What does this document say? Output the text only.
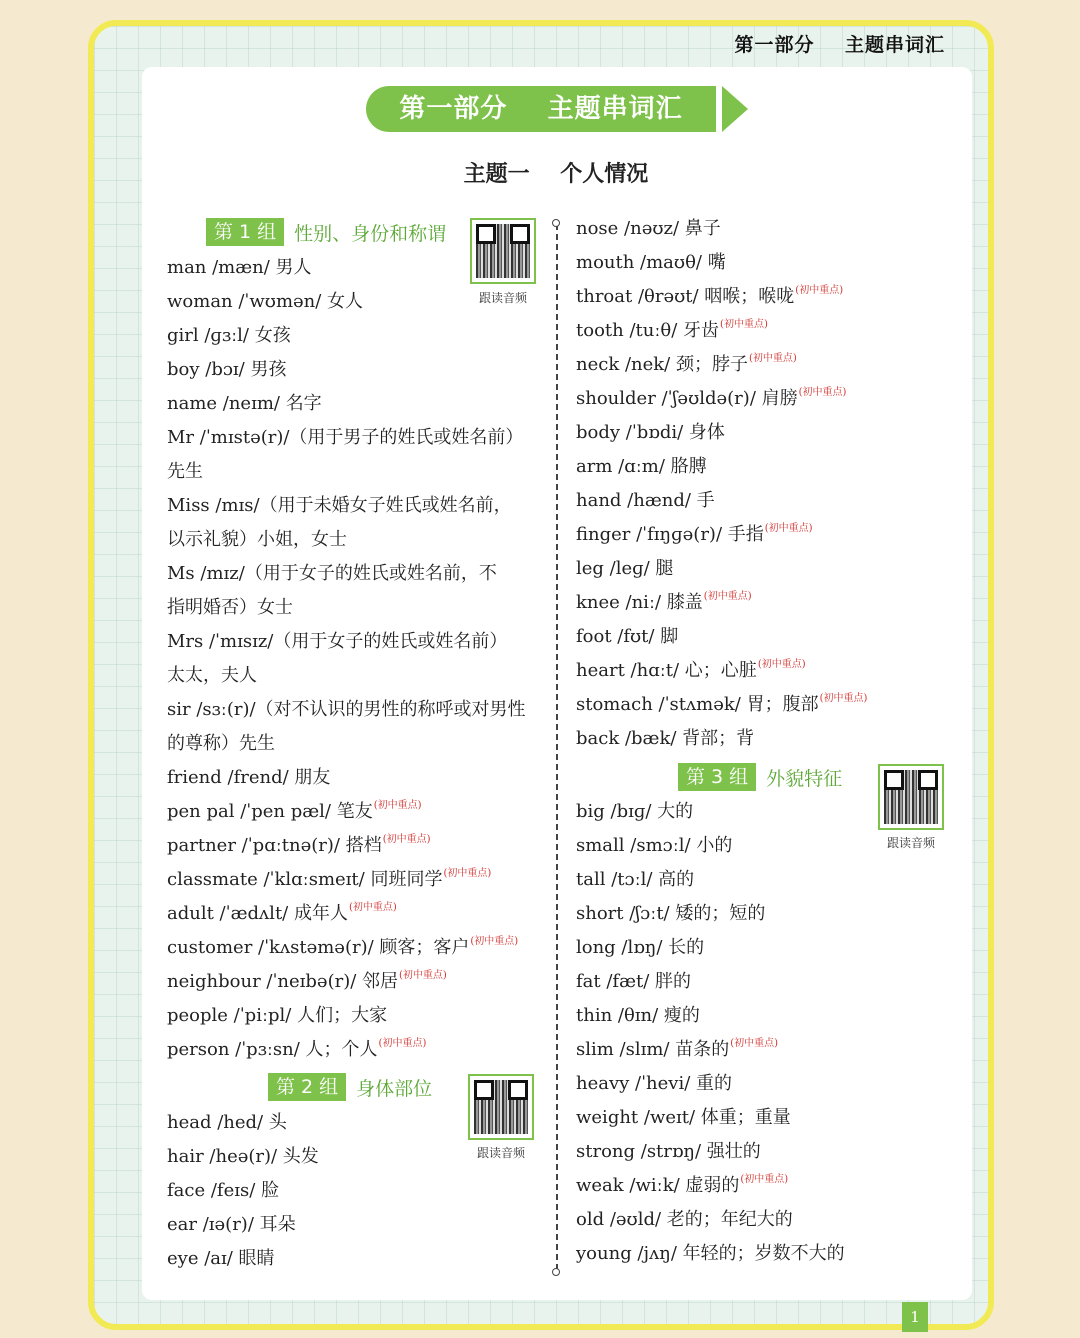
第一部分    主题串词汇
第一部分    主题串词汇
主题一    个人情况
第 1 组 性别、身份和称谓
跟读音频
man /mæn/ 男人
woman /ˈwʊmən/ 女人
girl /ɡɜːl/ 女孩
boy /bɔɪ/ 男孩
name /neɪm/ 名字
Mr /ˈmɪstə(r)/（用于男子的姓氏或姓名前）
先生
Miss /mɪs/（用于未婚女子姓氏或姓名前，
以示礼貌）小姐，女士
Ms /mɪz/（用于女子的姓氏或姓名前，不
指明婚否）女士
Mrs /ˈmɪsɪz/（用于女子的姓氏或姓名前）
太太，夫人
sir /sɜː(r)/（对不认识的男性的称呼或对男性
的尊称）先生
friend /frend/ 朋友
pen pal /ˈpen pæl/ 笔友$^{(初中重点)}$
partner /ˈpɑːtnə(r)/ 搭档$^{(初中重点)}$
classmate /ˈklɑːsmeɪt/ 同班同学$^{(初中重点)}$
adult /ˈædʌlt/ 成年人$^{(初中重点)}$
customer /ˈkʌstəmə(r)/ 顾客；客户$^{(初中重点)}$
neighbour /ˈneɪbə(r)/ 邻居$^{(初中重点)}$
people /ˈpiːpl/ 人们；大家
person /ˈpɜːsn/ 人；个人$^{(初中重点)}$
第 2 组 身体部位
跟读音频
head /hed/ 头
hair /heə(r)/ 头发
face /feɪs/ 脸
ear /ɪə(r)/ 耳朵
eye /aɪ/ 眼睛
nose /nəʊz/ 鼻子
mouth /maʊθ/ 嘴
throat /θrəʊt/ 咽喉；喉咙$^{(初中重点)}$
tooth /tuːθ/ 牙齿$^{(初中重点)}$
neck /nek/ 颈；脖子$^{(初中重点)}$
shoulder /ˈʃəʊldə(r)/ 肩膀$^{(初中重点)}$
body /ˈbɒdi/ 身体
arm /ɑːm/ 胳膊
hand /hænd/ 手
finger /ˈfɪŋɡə(r)/ 手指$^{(初中重点)}$
leg /leɡ/ 腿
knee /niː/ 膝盖$^{(初中重点)}$
foot /fʊt/ 脚
heart /hɑːt/ 心；心脏$^{(初中重点)}$
stomach /ˈstʌmək/ 胃；腹部$^{(初中重点)}$
back /bæk/ 背部；背
第 3 组 外貌特征
跟读音频
big /bɪɡ/ 大的
small /smɔːl/ 小的
tall /tɔːl/ 高的
short /ʃɔːt/ 矮的；短的
long /lɒŋ/ 长的
fat /fæt/ 胖的
thin /θɪn/ 瘦的
slim /slɪm/ 苗条的$^{(初中重点)}$
heavy /ˈhevi/ 重的
weight /weɪt/ 体重；重量
strong /strɒŋ/ 强壮的
weak /wiːk/ 虚弱的$^{(初中重点)}$
old /əʊld/ 老的；年纪大的
young /jʌŋ/ 年轻的；岁数不大的
1
